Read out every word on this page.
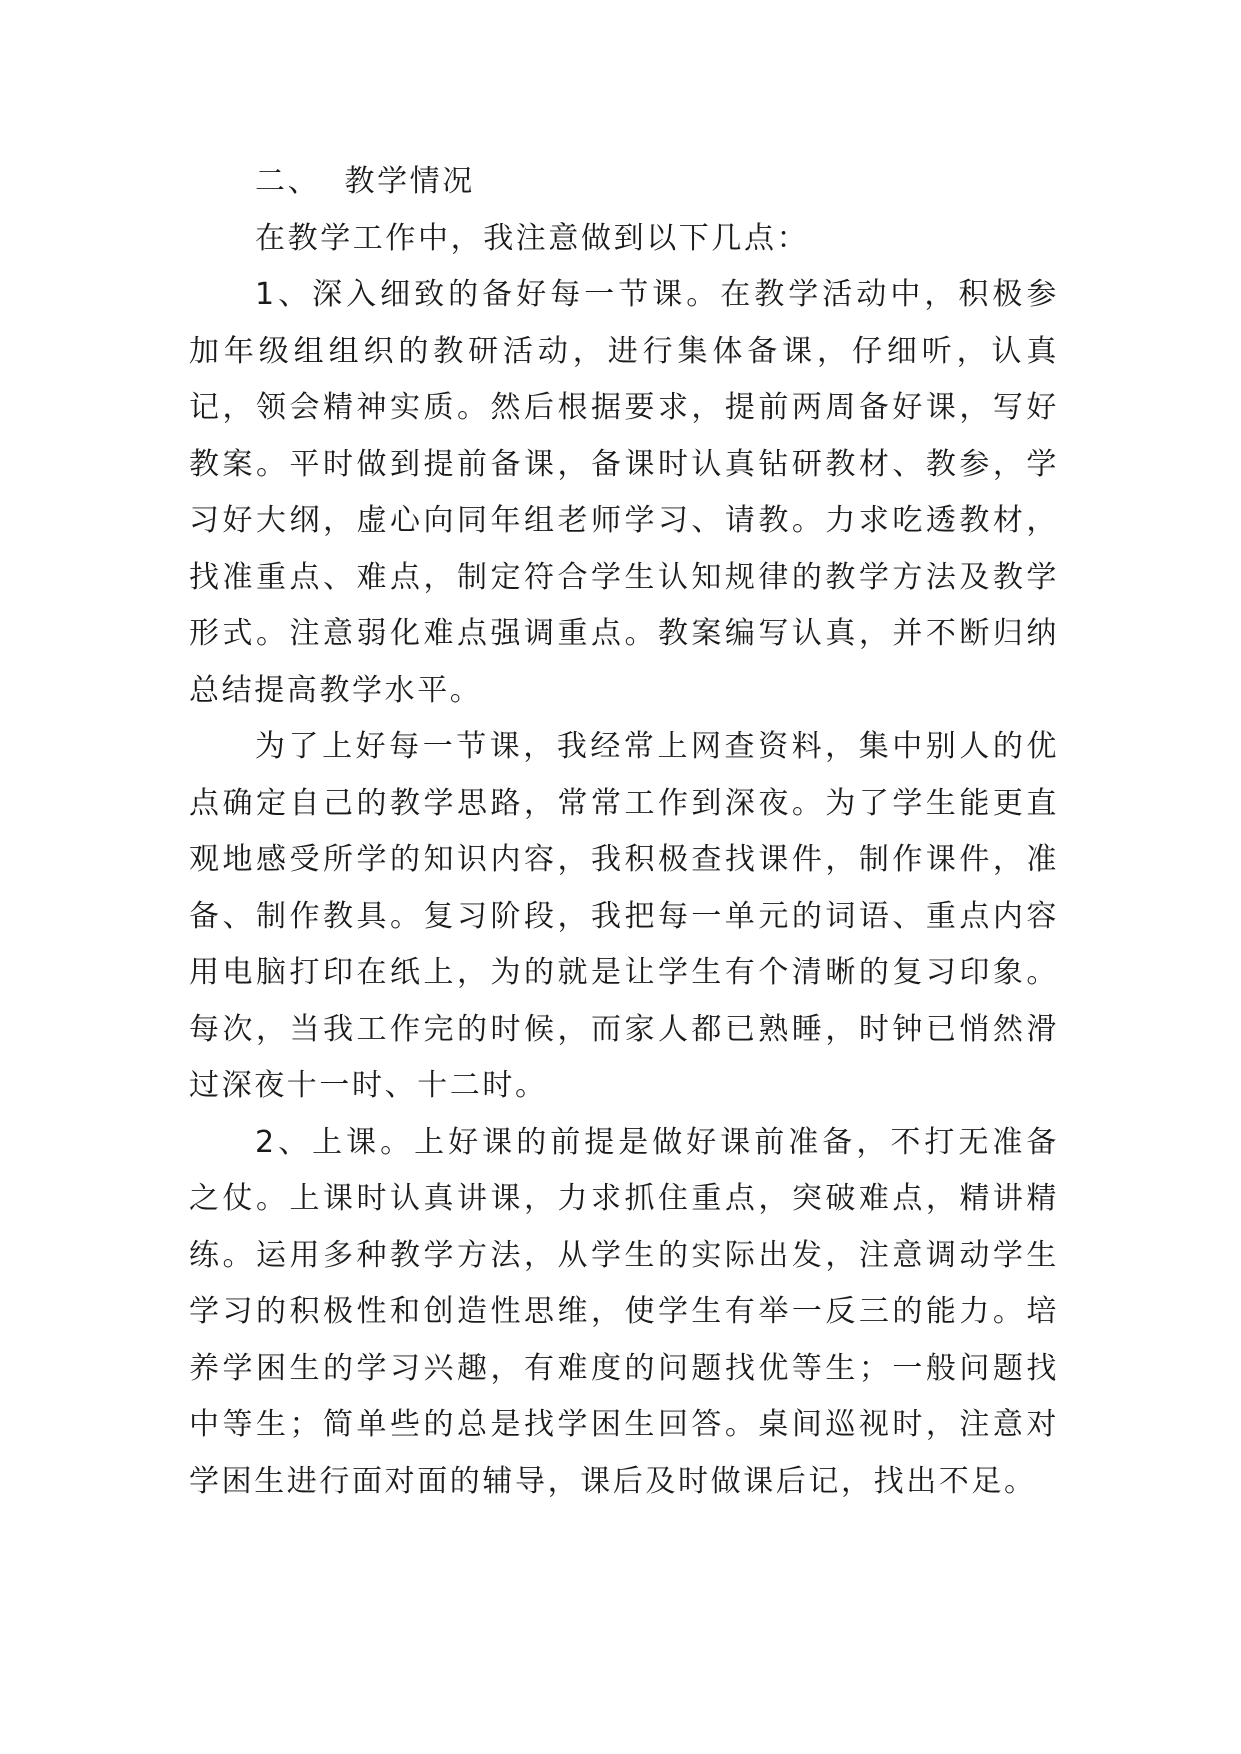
二、 教学情况

在教学工作中，我注意做到以下几点：

1、深入细致的备好每一节课。在教学活动中，积极参加年级组组织的教研活动，进行集体备课，仔细听，认真记，领会精神实质。然后根据要求，提前两周备好课，写好教案。平时做到提前备课，备课时认真钻研教材、教参，学习好大纲，虚心向同年组老师学习、请教。力求吃透教材，找准重点、难点，制定符合学生认知规律的教学方法及教学形式。注意弱化难点强调重点。教案编写认真，并不断归纳总结提高教学水平。

为了上好每一节课，我经常上网查资料，集中别人的优点确定自己的教学思路，常常工作到深夜。为了学生能更直观地感受所学的知识内容，我积极查找课件，制作课件，准备、制作教具。复习阶段，我把每一单元的词语、重点内容用电脑打印在纸上，为的就是让学生有个清晰的复习印象。每次，当我工作完的时候，而家人都已熟睡，时钟已悄然滑过深夜十一时、十二时。

2、上课。上好课的前提是做好课前准备，不打无准备之仗。上课时认真讲课，力求抓住重点，突破难点，精讲精练。运用多种教学方法，从学生的实际出发，注意调动学生学习的积极性和创造性思维，使学生有举一反三的能力。培养学困生的学习兴趣，有难度的问题找优等生；一般问题找中等生；简单些的总是找学困生回答。桌间巡视时，注意对学困生进行面对面的辅导，课后及时做课后记，找出不足。
